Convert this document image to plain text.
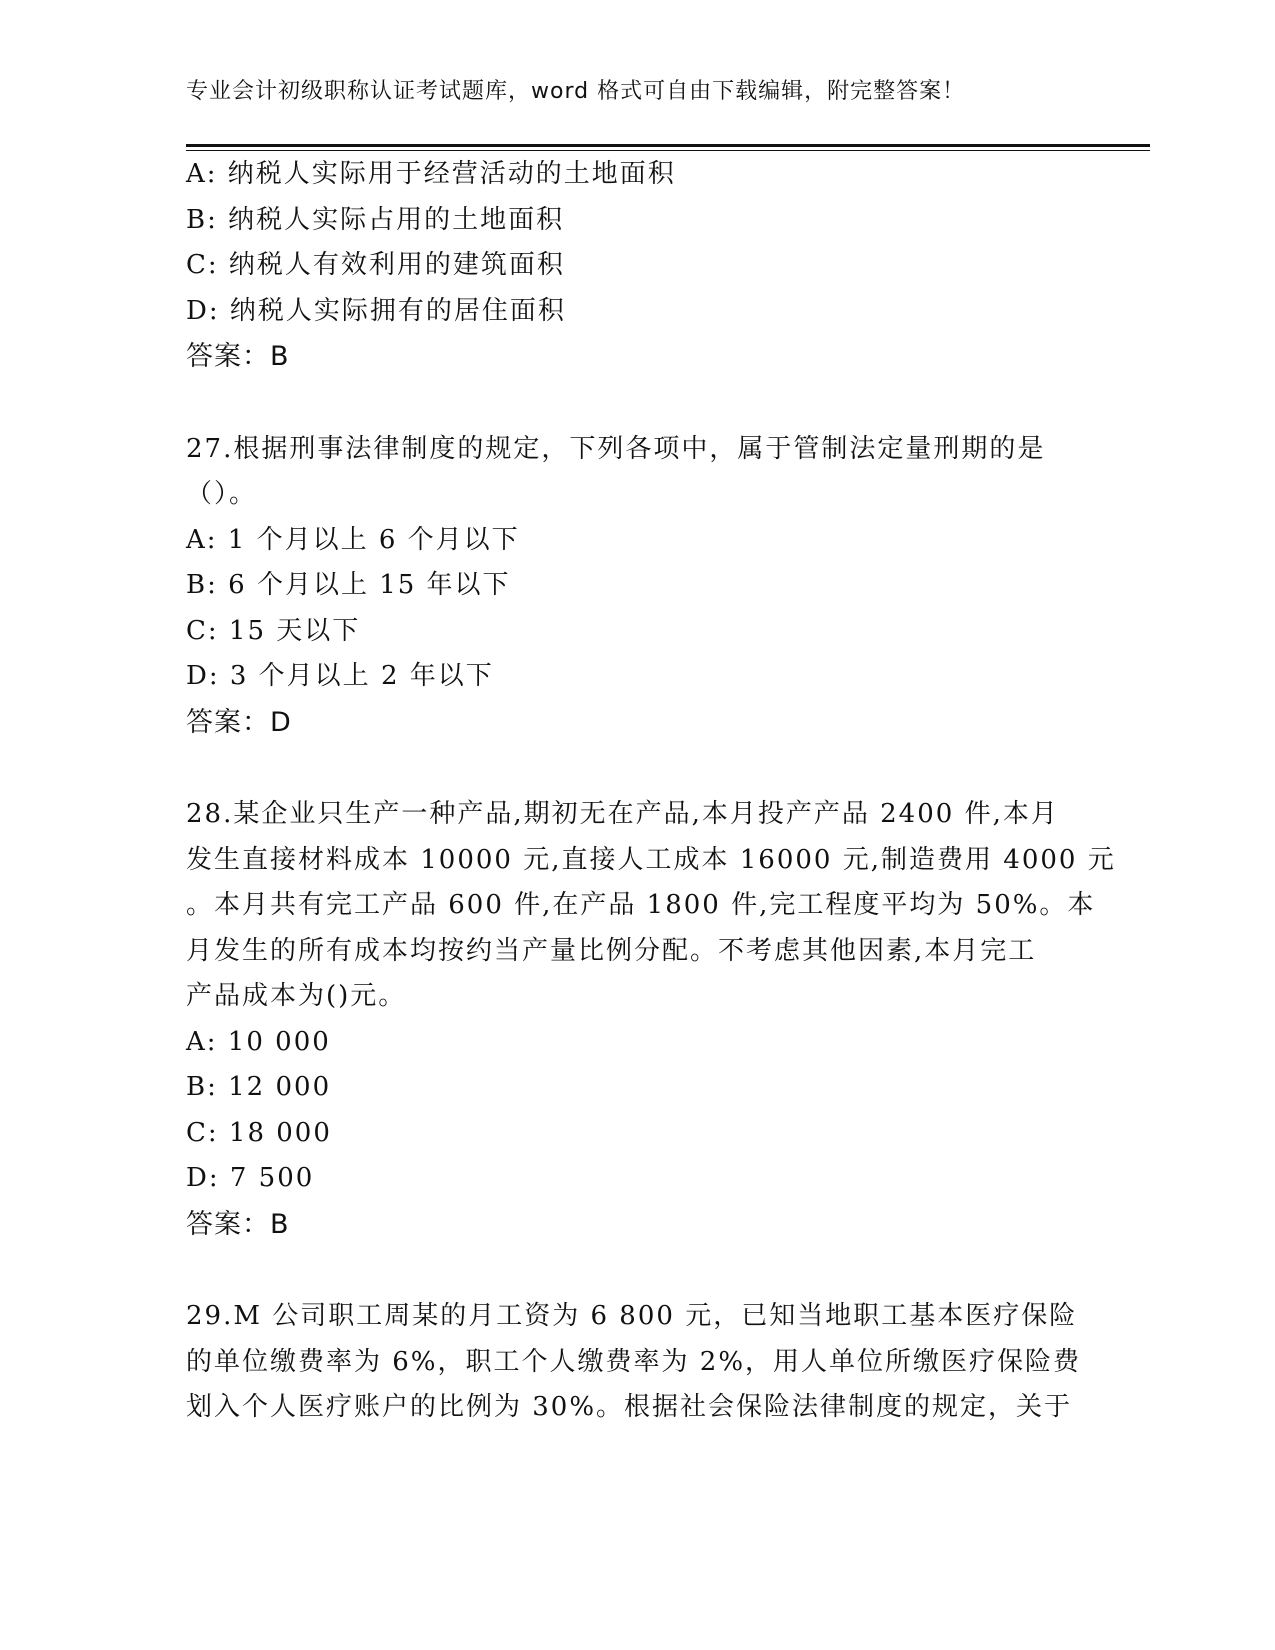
专业会计初级职称认证考试题库，word 格式可自由下载编辑，附完整答案！
A: 纳税人实际用于经营活动的土地面积
B: 纳税人实际占用的土地面积
C: 纳税人有效利用的建筑面积
D: 纳税人实际拥有的居住面积
答案：B
27.根据刑事法律制度的规定，下列各项中，属于管制法定量刑期的是
（）。
A: 1 个月以上 6 个月以下
B: 6 个月以上 15 年以下
C: 15 天以下
D: 3 个月以上 2 年以下
答案：D
28.某企业只生产一种产品,期初无在产品,本月投产产品 2400 件,本月
发生直接材料成本 10000 元,直接人工成本 16000 元,制造费用 4000 元
。本月共有完工产品 600 件,在产品 1800 件,完工程度平均为 50%。本
月发生的所有成本均按约当产量比例分配。不考虑其他因素,本月完工
产品成本为()元。
A: 10 000
B: 12 000
C: 18 000
D: 7 500
答案：B
29.M 公司职工周某的月工资为 6 800 元，已知当地职工基本医疗保险
的单位缴费率为 6%，职工个人缴费率为 2%，用人单位所缴医疗保险费
划入个人医疗账户的比例为 30%。根据社会保险法律制度的规定，关于
